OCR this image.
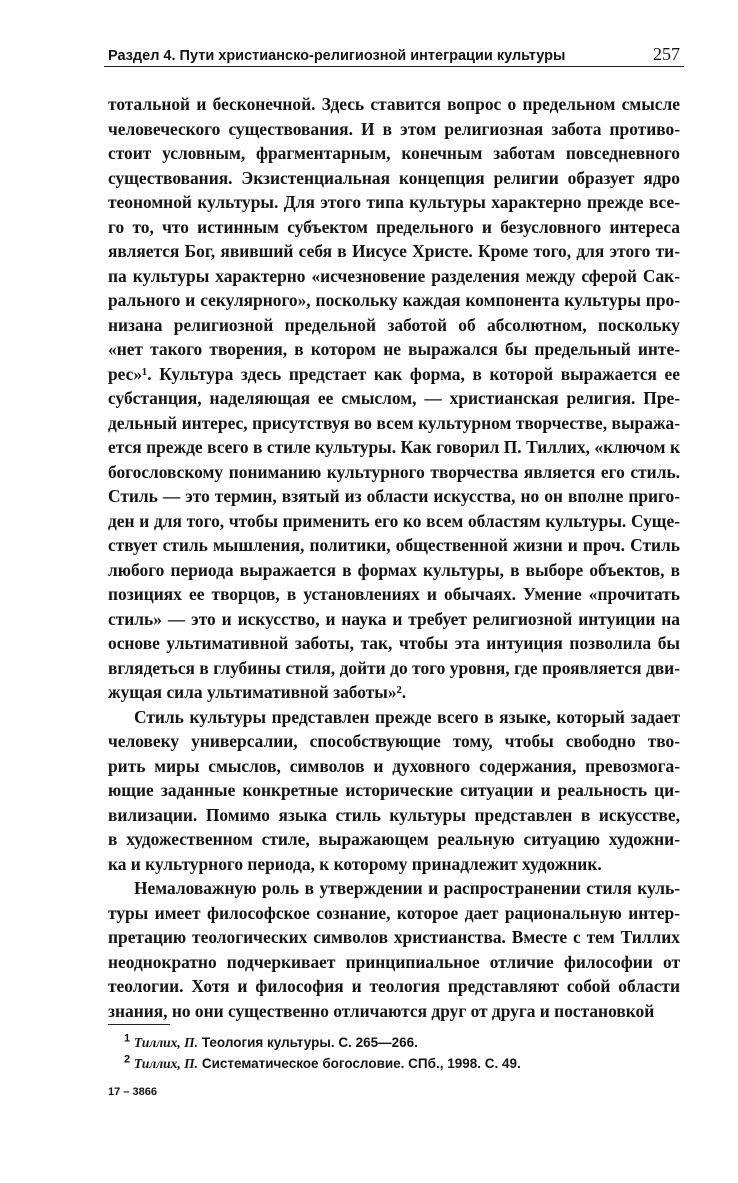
Раздел 4. Пути христианско-религиозной интеграции культуры	257

тотальной и бесконечной. Здесь ставится вопрос о предельном смысле
человеческого существования. И в этом религиозная забота противо-
стоит условным, фрагментарным, конечным заботам повседневного
существования. Экзистенциальная концепция религии образует ядро
теономной культуры. Для этого типа культуры характерно прежде все-
го то, что истинным субъектом предельного и безусловного интереса
является Бог, явивший себя в Иисусе Христе. Кроме того, для этого ти-
па культуры характерно «исчезновение разделения между сферой Сак-
рального и секулярного», поскольку каждая компонента культуры про-
низана религиозной предельной заботой об абсолютном, поскольку
«нет такого творения, в котором не выражался бы предельный инте-
рес»¹. Культура здесь предстает как форма, в которой выражается ее
субстанция, наделяющая ее смыслом, — христианская религия. Пре-
дельный интерес, присутствуя во всем культурном творчестве, выража-
ется прежде всего в стиле культуры. Как говорил П. Тиллих, «ключом к
богословскому пониманию культурного творчества является его стиль.
Стиль — это термин, взятый из области искусства, но он вполне приго-
ден и для того, чтобы применить его ко всем областям культуры. Суще-
ствует стиль мышления, политики, общественной жизни и проч. Стиль
любого периода выражается в формах культуры, в выборе объектов, в
позициях ее творцов, в установлениях и обычаях. Умение «прочитать
стиль» — это и искусство, и наука и требует религиозной интуиции на
основе ультимативной заботы, так, чтобы эта интуиция позволила бы
вглядеться в глубины стиля, дойти до того уровня, где проявляется дви-
жущая сила ультимативной заботы»².

Стиль культуры представлен прежде всего в языке, который задает
человеку универсалии, способствующие тому, чтобы свободно тво-
рить миры смыслов, символов и духовного содержания, превозмога-
ющие заданные конкретные исторические ситуации и реальность ци-
вилизации. Помимо языка стиль культуры представлен в искусстве,
в художественном стиле, выражающем реальную ситуацию художни-
ка и культурного периода, к которому принадлежит художник.

Немаловажную роль в утверждении и распространении стиля куль-
туры имеет философское сознание, которое дает рациональную интер-
претацию теологических символов христианства. Вместе с тем Тиллих
неоднократно подчеркивает принципиальное отличие философии от
теологии. Хотя и философия и теология представляют собой области
знания, но они существенно отличаются друг от друга и постановкой

$^1$ Тиллих, П. Теология культуры. С. 265—266.
$^2$ Тиллих, П. Систематическое богословие. СПб., 1998. С. 49.
17 – 3866
